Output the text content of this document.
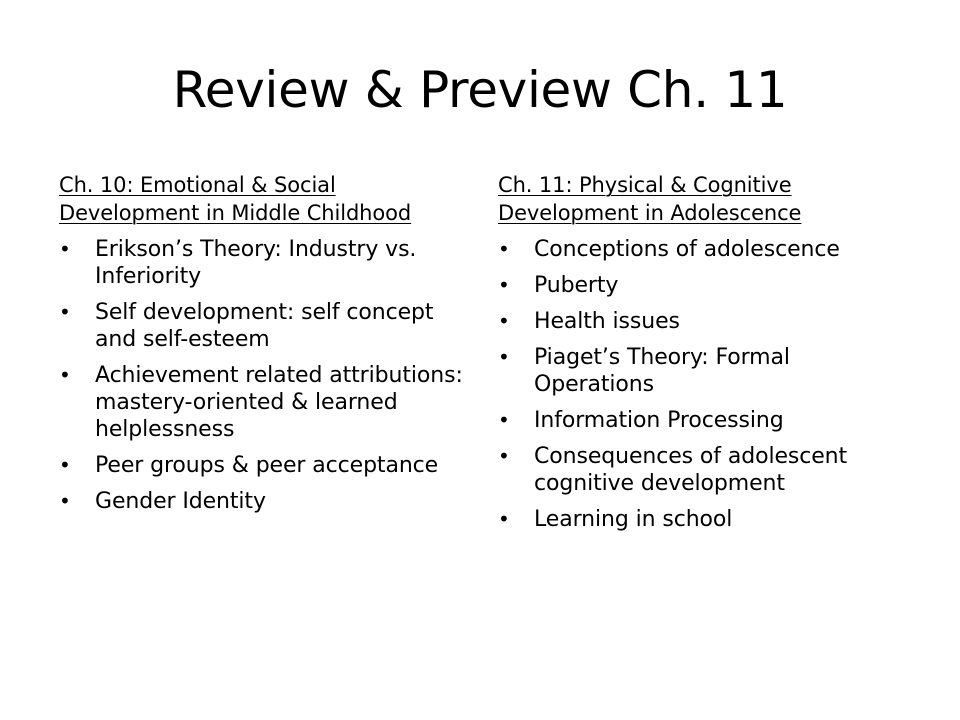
Review & Preview Ch. 11
Ch. 10: Emotional & Social Development in Middle Childhood
• Erikson’s Theory: Industry vs. Inferiority
• Self development: self concept and self-esteem
• Achievement related attributions: mastery-oriented & learned helplessness
• Peer groups & peer acceptance
• Gender Identity
Ch. 11: Physical & Cognitive Development in Adolescence
• Conceptions of adolescence
• Puberty
• Health issues
• Piaget’s Theory: Formal Operations
• Information Processing
• Consequences of adolescent cognitive development
• Learning in school
